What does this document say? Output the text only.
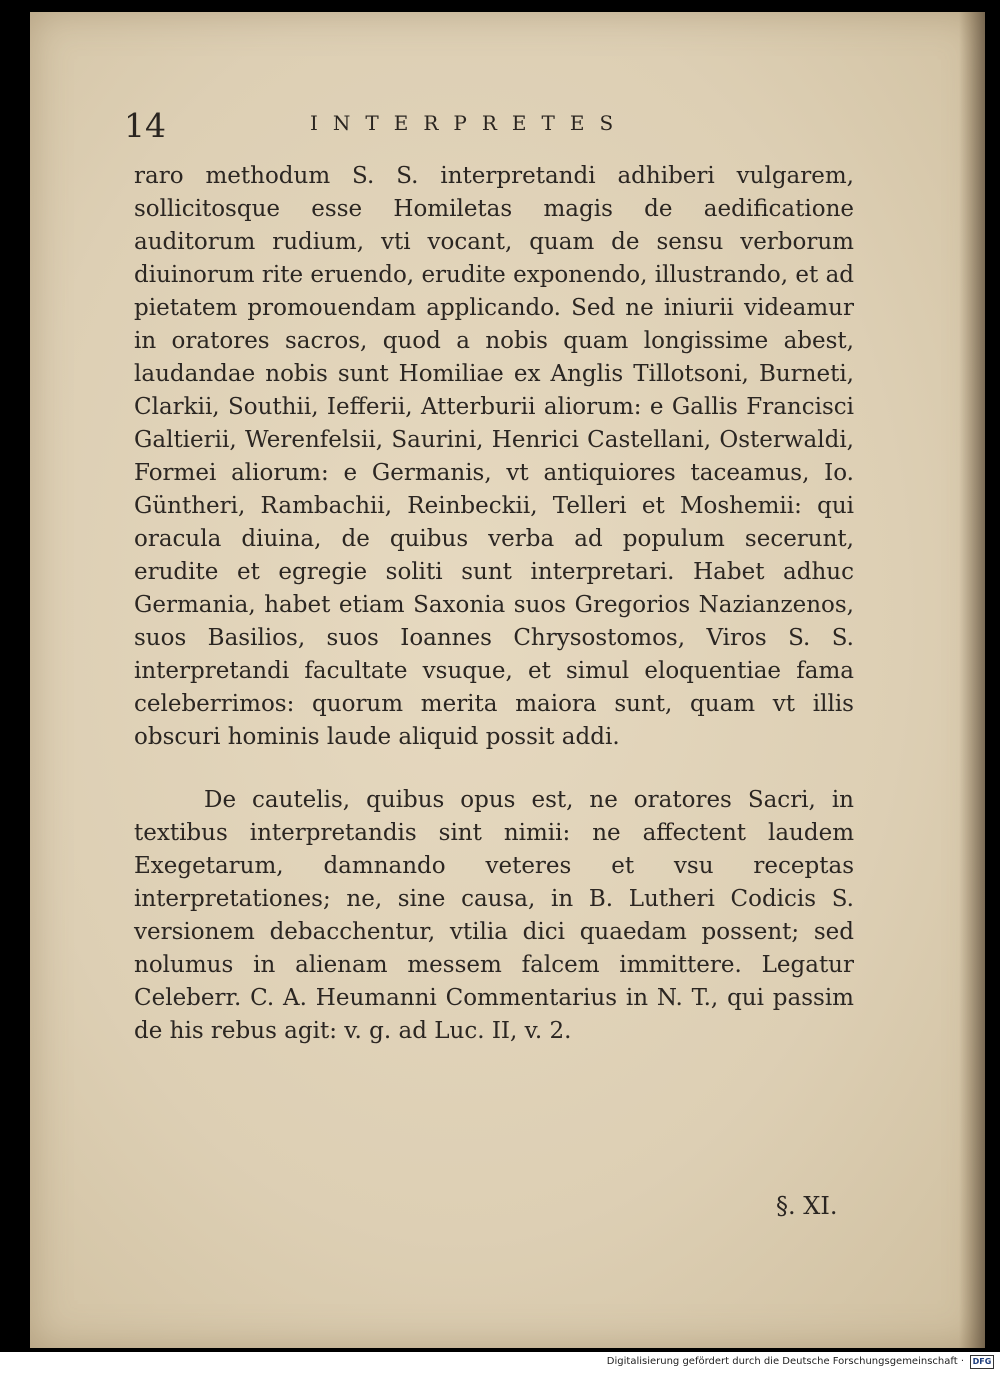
14	INTERPRETES

raro methodum S. S. interpretandi adhiberi vulgarem, sollicitosque esse Homiletas magis de aedificatione auditorum rudium, vti vocant, quam de sensu verborum diuinorum rite eruendo, erudite exponendo, illustrando, et ad pietatem promouendam applicando. Sed ne iniurii videamur in oratores sacros, quod a nobis quam longissime abest, laudandae nobis sunt Homiliae ex Anglis Tillotsoni, Burneti, Clarkii, Southii, Iefferii, Atterburii aliorum: e Gallis Francisci Galtierii, Werenfelsii, Saurini, Henrici Castellani, Osterwaldi, Formei aliorum: e Germanis, vt antiquiores taceamus, Io. Güntheri, Rambachii, Reinbeckii, Telleri et Moshemii: qui oracula diuina, de quibus verba ad populum secerunt, erudite et egregie soliti sunt interpretari. Habet adhuc Germania, habet etiam Saxonia suos Gregorios Nazianzenos, suos Basilios, suos Ioannes Chrysostomos, Viros S. S. interpretandi facultate vsuque, et simul eloquentiae fama celeberrimos: quorum merita maiora sunt, quam vt illis obscuri hominis laude aliquid possit addi.

De cautelis, quibus opus est, ne oratores Sacri, in textibus interpretandis sint nimii: ne affectent laudem Exegetarum, damnando veteres et vsu receptas interpretationes; ne, sine causa, in B. Lutheri Codicis S. versionem debacchentur, vtilia dici quaedam possent; sed nolumus in alienam messem falcem immittere. Legatur Celeberr. C. A. Heumanni Commentarius in N. T., qui passim de his rebus agit: v. g. ad Luc. II, v. 2.

§. XI.
Digitalisierung gefördert durch die Deutsche Forschungsgemeinschaft · DFG
